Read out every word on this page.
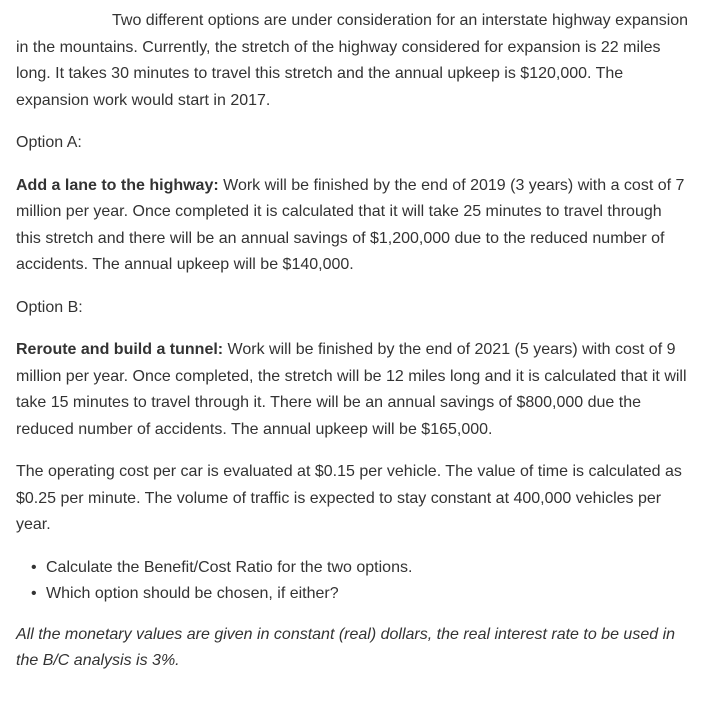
Two different options are under consideration for an interstate highway expansion in the mountains. Currently, the stretch of the highway considered for expansion is 22 miles long. It takes 30 minutes to travel this stretch and the annual upkeep is $120,000. The expansion work would start in 2017.

Option A:

Add a lane to the highway: Work will be finished by the end of 2019 (3 years) with a cost of 7 million per year. Once completed it is calculated that it will take 25 minutes to travel through this stretch and there will be an annual savings of $1,200,000 due to the reduced number of accidents. The annual upkeep will be $140,000.

Option B:

Reroute and build a tunnel: Work will be finished by the end of 2021 (5 years) with cost of 9 million per year. Once completed, the stretch will be 12 miles long and it is calculated that it will take 15 minutes to travel through it. There will be an annual savings of $800,000 due the reduced number of accidents. The annual upkeep will be $165,000.

The operating cost per car is evaluated at $0.15 per vehicle. The value of time is calculated as $0.25 per minute. The volume of traffic is expected to stay constant at 400,000 vehicles per year.

• Calculate the Benefit/Cost Ratio for the two options.
• Which option should be chosen, if either?

All the monetary values are given in constant (real) dollars, the real interest rate to be used in the B/C analysis is 3%.
